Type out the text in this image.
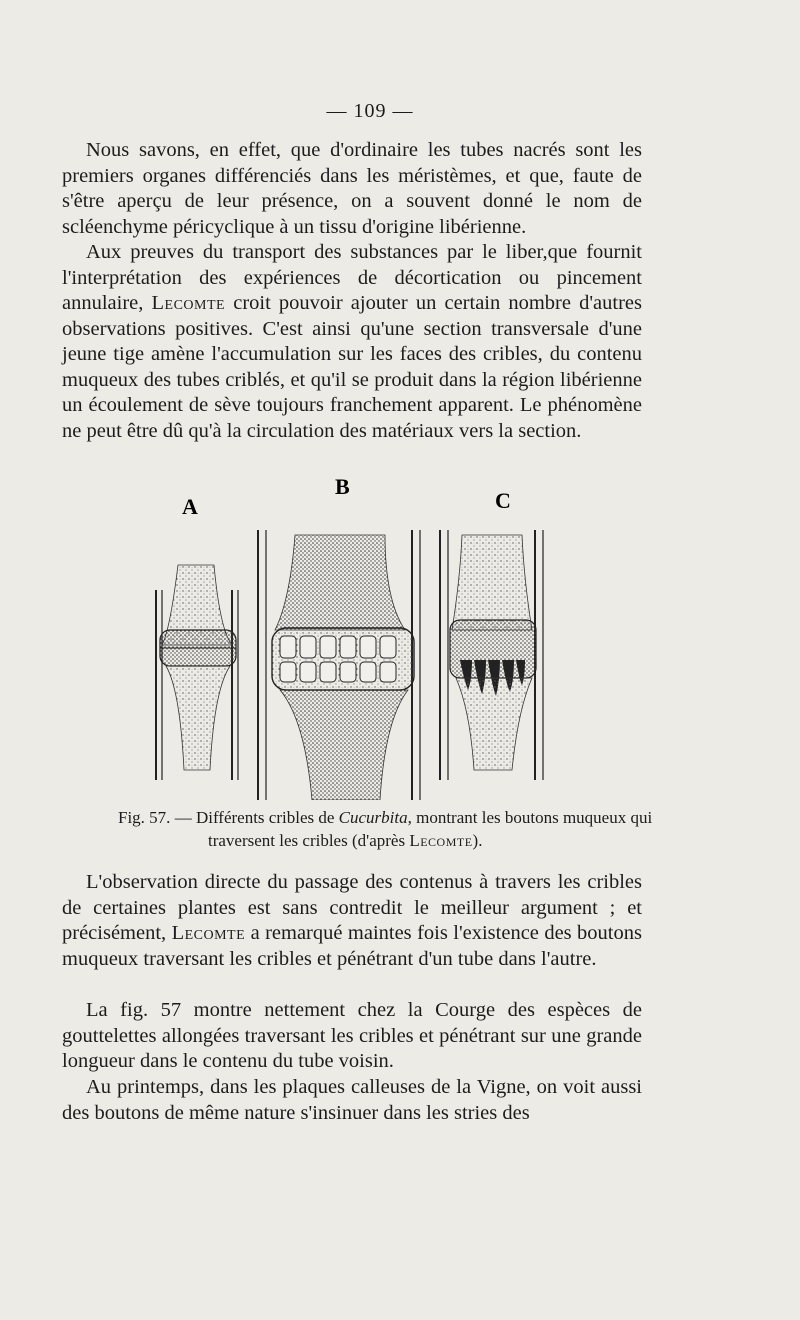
— 109 —

Nous savons, en effet, que d'ordinaire les tubes nacrés sont les premiers organes différenciés dans les méristèmes, et que, faute de s'être aperçu de leur présence, on a souvent donné le nom de scléenchyme péricyclique à un tissu d'origine libérienne.

Aux preuves du transport des substances par le liber,que fournit l'interprétation des expériences de décortication ou pincement annulaire, Lecomte croit pouvoir ajouter un certain nombre d'autres observations positives. C'est ainsi qu'une section transversale d'une jeune tige amène l'accumulation sur les faces des cribles, du contenu muqueux des tubes criblés, et qu'il se produit dans la région libérienne un écoulement de sève toujours franchement apparent. Le phénomène ne peut être dû qu'à la circulation des matériaux vers la section.

A
B
C
Fig. 57. — Différents cribles de Cucurbita, montrant les boutons muqueux qui
traversent les cribles (d'après Lecomte).

L'observation directe du passage des contenus à travers les cribles de certaines plantes est sans contredit le meilleur argument ; et précisément, Lecomte a remarqué maintes fois l'existence des boutons muqueux traversant les cribles et pénétrant d'un tube dans l'autre.

La fig. 57 montre nettement chez la Courge des espèces de gouttelettes allongées traversant les cribles et pénétrant sur une grande longueur dans le contenu du tube voisin.

Au printemps, dans les plaques calleuses de la Vigne, on voit aussi des boutons de même nature s'insinuer dans les stries des
